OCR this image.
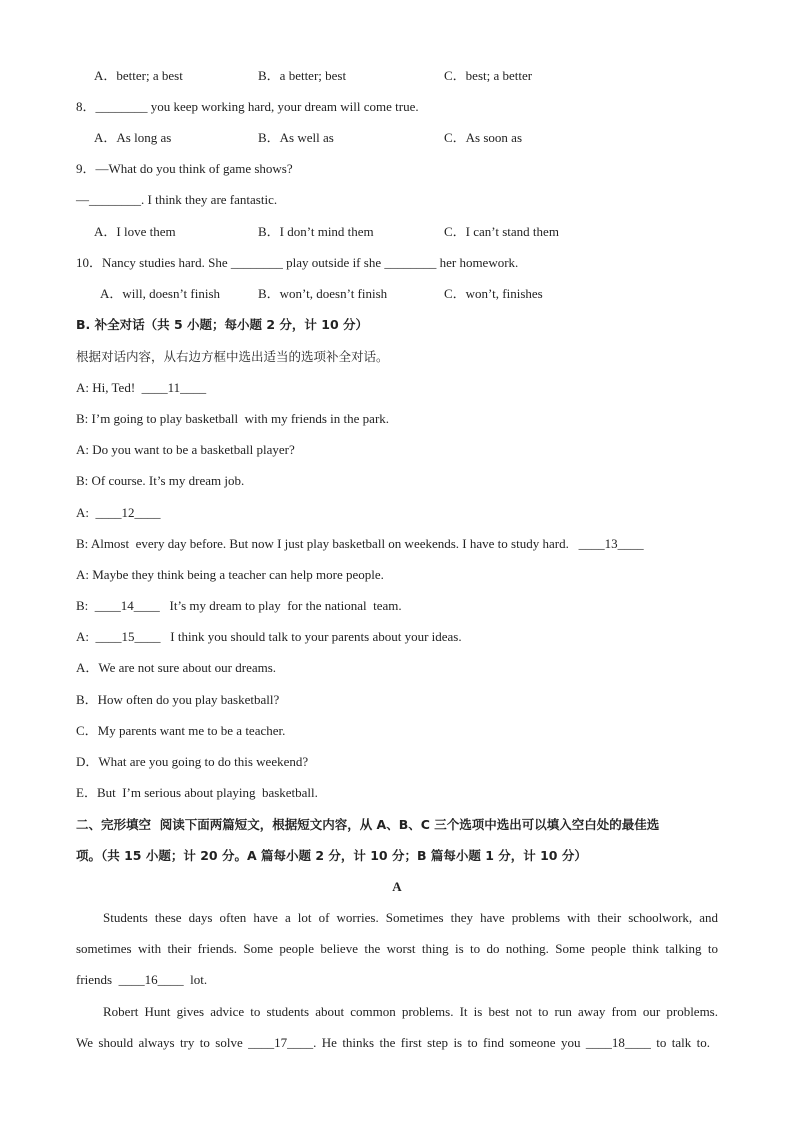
A．better; a best	B．a better; best	C．best; a better
8．________ you keep working hard, your dream will come true.
A．As long as	B．As well as	C．As soon as
9．—What do you think of game shows?
—________. I think they are fantastic.
A．I love them	B．I don’t mind them	C．I can’t stand them
10．Nancy studies hard. She ________ play outside if she ________ her homework.
A．will, doesn’t finish	B．won’t, doesn’t finish	C．won’t, finishes
B. 补全对话（共 5 小题；每小题 2 分，计 10 分）
根据对话内容，从右边方框中选出适当的选项补全对话。
A: Hi, Ted!  ____11____
B: I’m going to play basketball  with my friends in the park.
A: Do you want to be a basketball player?
B: Of course. It’s my dream job.
A:  ____12____
B: Almost  every day before. But now I just play basketball on weekends. I have to study hard.   ____13____
A: Maybe they think being a teacher can help more people.
B:  ____14____   It’s my dream to play  for the national  team.
A:  ____15____   I think you should talk to your parents about your ideas.
A．We are not sure about our dreams.
B．How often do you play basketball?
C．My parents want me to be a teacher.
D．What are you going to do this weekend?
E．But  I’m serious about playing  basketball.
二、完形填空  阅读下面两篇短文，根据短文内容，从 A、B、C 三个选项中选出可以填入空白处的最佳选
项。（共 15 小题；计 20 分。A 篇每小题 2 分，计 10 分；B 篇每小题 1 分，计 10 分）
A
Students these days often have a lot of worries. Sometimes they have problems with their schoolwork, and
sometimes with their friends. Some people believe the worst thing is to do nothing. Some people think talking to
friends  ____16____  lot.
Robert Hunt gives advice to students about common problems. It is best not to run away from our problems.
We should always try to solve ____17____. He thinks the first step is to find someone you ____18____ to talk to.
